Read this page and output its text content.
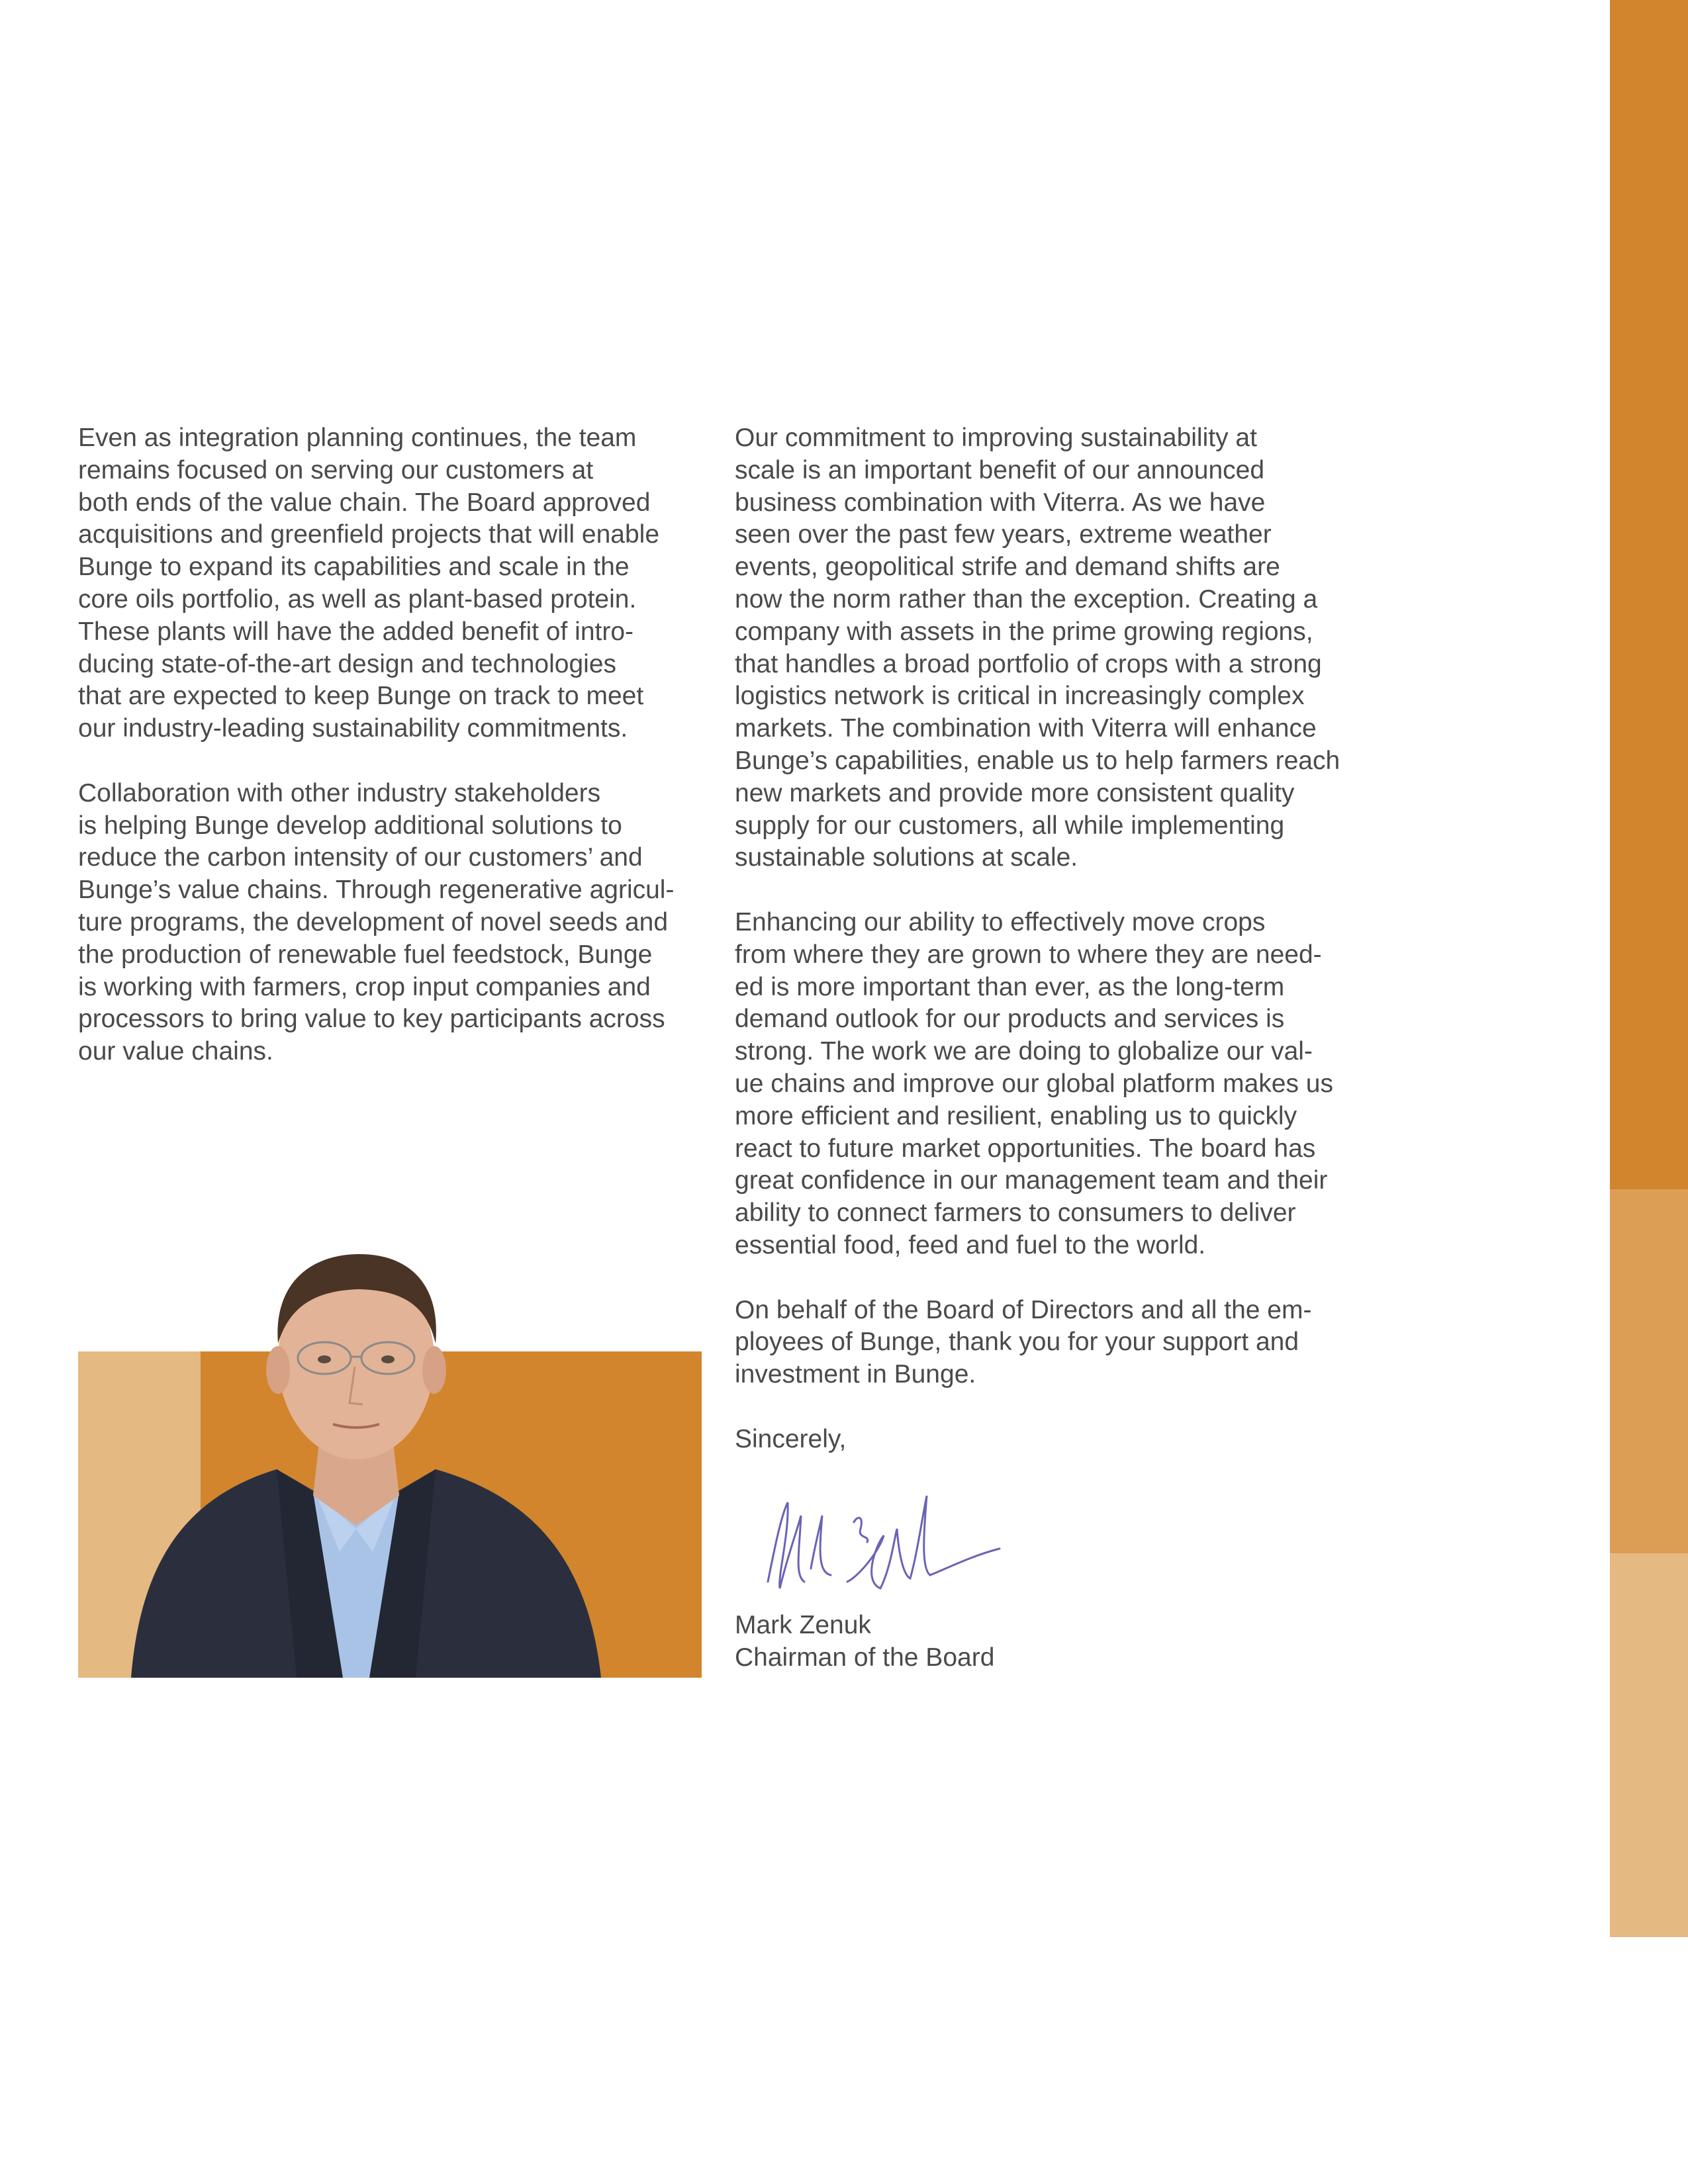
Even as integration planning continues, the team
remains focused on serving our customers at
both ends of the value chain. The Board approved
acquisitions and greenfield projects that will enable
Bunge to expand its capabilities and scale in the
core oils portfolio, as well as plant-based protein.
These plants will have the added benefit of intro-
ducing state-of-the-art design and technologies
that are expected to keep Bunge on track to meet
our industry-leading sustainability commitments.

Collaboration with other industry stakeholders
is helping Bunge develop additional solutions to
reduce the carbon intensity of our customers’ and
Bunge’s value chains. Through regenerative agricul-
ture programs, the development of novel seeds and
the production of renewable fuel feedstock, Bunge
is working with farmers, crop input companies and
processors to bring value to key participants across
our value chains.

Our commitment to improving sustainability at
scale is an important benefit of our announced
business combination with Viterra. As we have
seen over the past few years, extreme weather
events, geopolitical strife and demand shifts are
now the norm rather than the exception. Creating a
company with assets in the prime growing regions,
that handles a broad portfolio of crops with a strong
logistics network is critical in increasingly complex
markets. The combination with Viterra will enhance
Bunge’s capabilities, enable us to help farmers reach
new markets and provide more consistent quality
supply for our customers, all while implementing
sustainable solutions at scale.

Enhancing our ability to effectively move crops
from where they are grown to where they are need-
ed is more important than ever, as the long-term
demand outlook for our products and services is
strong. The work we are doing to globalize our val-
ue chains and improve our global platform makes us
more efficient and resilient, enabling us to quickly
react to future market opportunities. The board has
great confidence in our management team and their
ability to connect farmers to consumers to deliver
essential food, feed and fuel to the world.

On behalf of the Board of Directors and all the em-
ployees of Bunge, thank you for your support and
investment in Bunge.

Sincerely,

Mark Zenuk
Chairman of the Board
